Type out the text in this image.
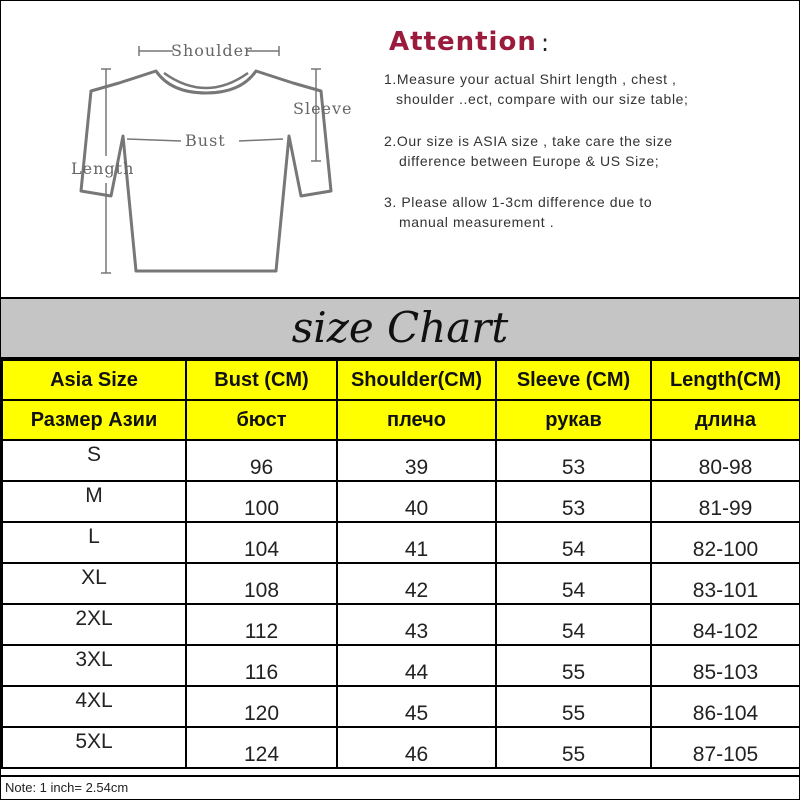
Shoulder
Sleeve
Bust
Length
Attention :
1.Measure your actual Shirt length , chest ,
shoulder ..ect, compare with our size table;
2.Our size is ASIA size , take care the size
difference between Europe & US Size;
3. Please allow 1-3cm difference due to
manual measurement .
size Chart
Asia Size	Bust (CM)	Shoulder(CM)	Sleeve (CM)	Length(CM)
Размер Азии	бюст	плечо	рукав	длина
S	96	39	53	80-98
M	100	40	53	81-99
L	104	41	54	82-100
XL	108	42	54	83-101
2XL	112	43	54	84-102
3XL	116	44	55	85-103
4XL	120	45	55	86-104
5XL	124	46	55	87-105
Note: 1 inch= 2.54cm
